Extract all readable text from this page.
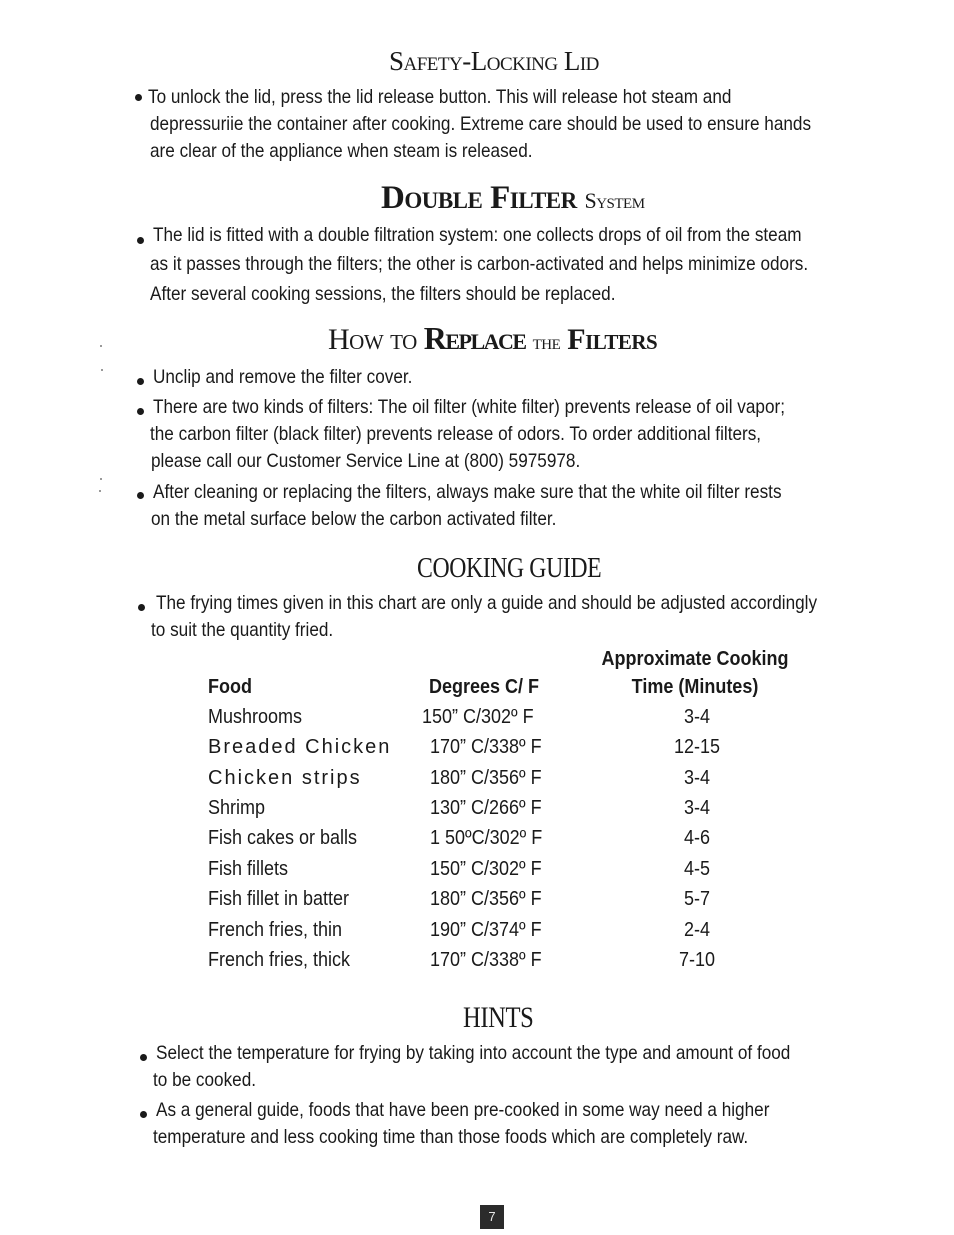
Safety-Locking Lid
To unlock the lid, press the lid release button. This will release hot steam and
depressuriie the container after cooking. Extreme care should be used to ensure hands
are clear of the appliance when steam is released.
Double Filter System
The lid is fitted with a double filtration system: one collects drops of oil from the steam
as it passes through the filters; the other is carbon-activated and helps minimize odors.
After several cooking sessions, the filters should be replaced.
How to Replace the Filters
Unclip and remove the filter cover.
There are two kinds of filters: The oil filter (white filter) prevents release of oil vapor;
the carbon filter (black filter) prevents release of odors. To order additional filters,
please call our Customer Service Line at (800) 5975978.
After cleaning or replacing the filters, always make sure that the white oil filter rests
on the metal surface below the carbon activated filter.
COOKING GUIDE
The frying times given in this chart are only a guide and should be adjusted accordingly
to suit the quantity fried.
Approximate Cooking
Food	Degrees C/ F	Time (Minutes)
Mushrooms	150” C/302º F	3-4
Breaded Chicken 170” C/338º F	12-15
Chicken strips	180” C/356º F	3-4
Shrimp	130” C/266º F	3-4
Fish cakes or balls	1 50ºC/302º F	4-6
Fish fillets	150” C/302º F	4-5
Fish fillet in batter	180” C/356º F	5-7
French fries, thin	190” C/374º F	2-4
French fries, thick	170” C/338º F	7-10
HINTS
Select the temperature for frying by taking into account the type and amount of food
to be cooked.
As a general guide, foods that have been pre-cooked in some way need a higher
temperature and less cooking time than those foods which are completely raw.
7
